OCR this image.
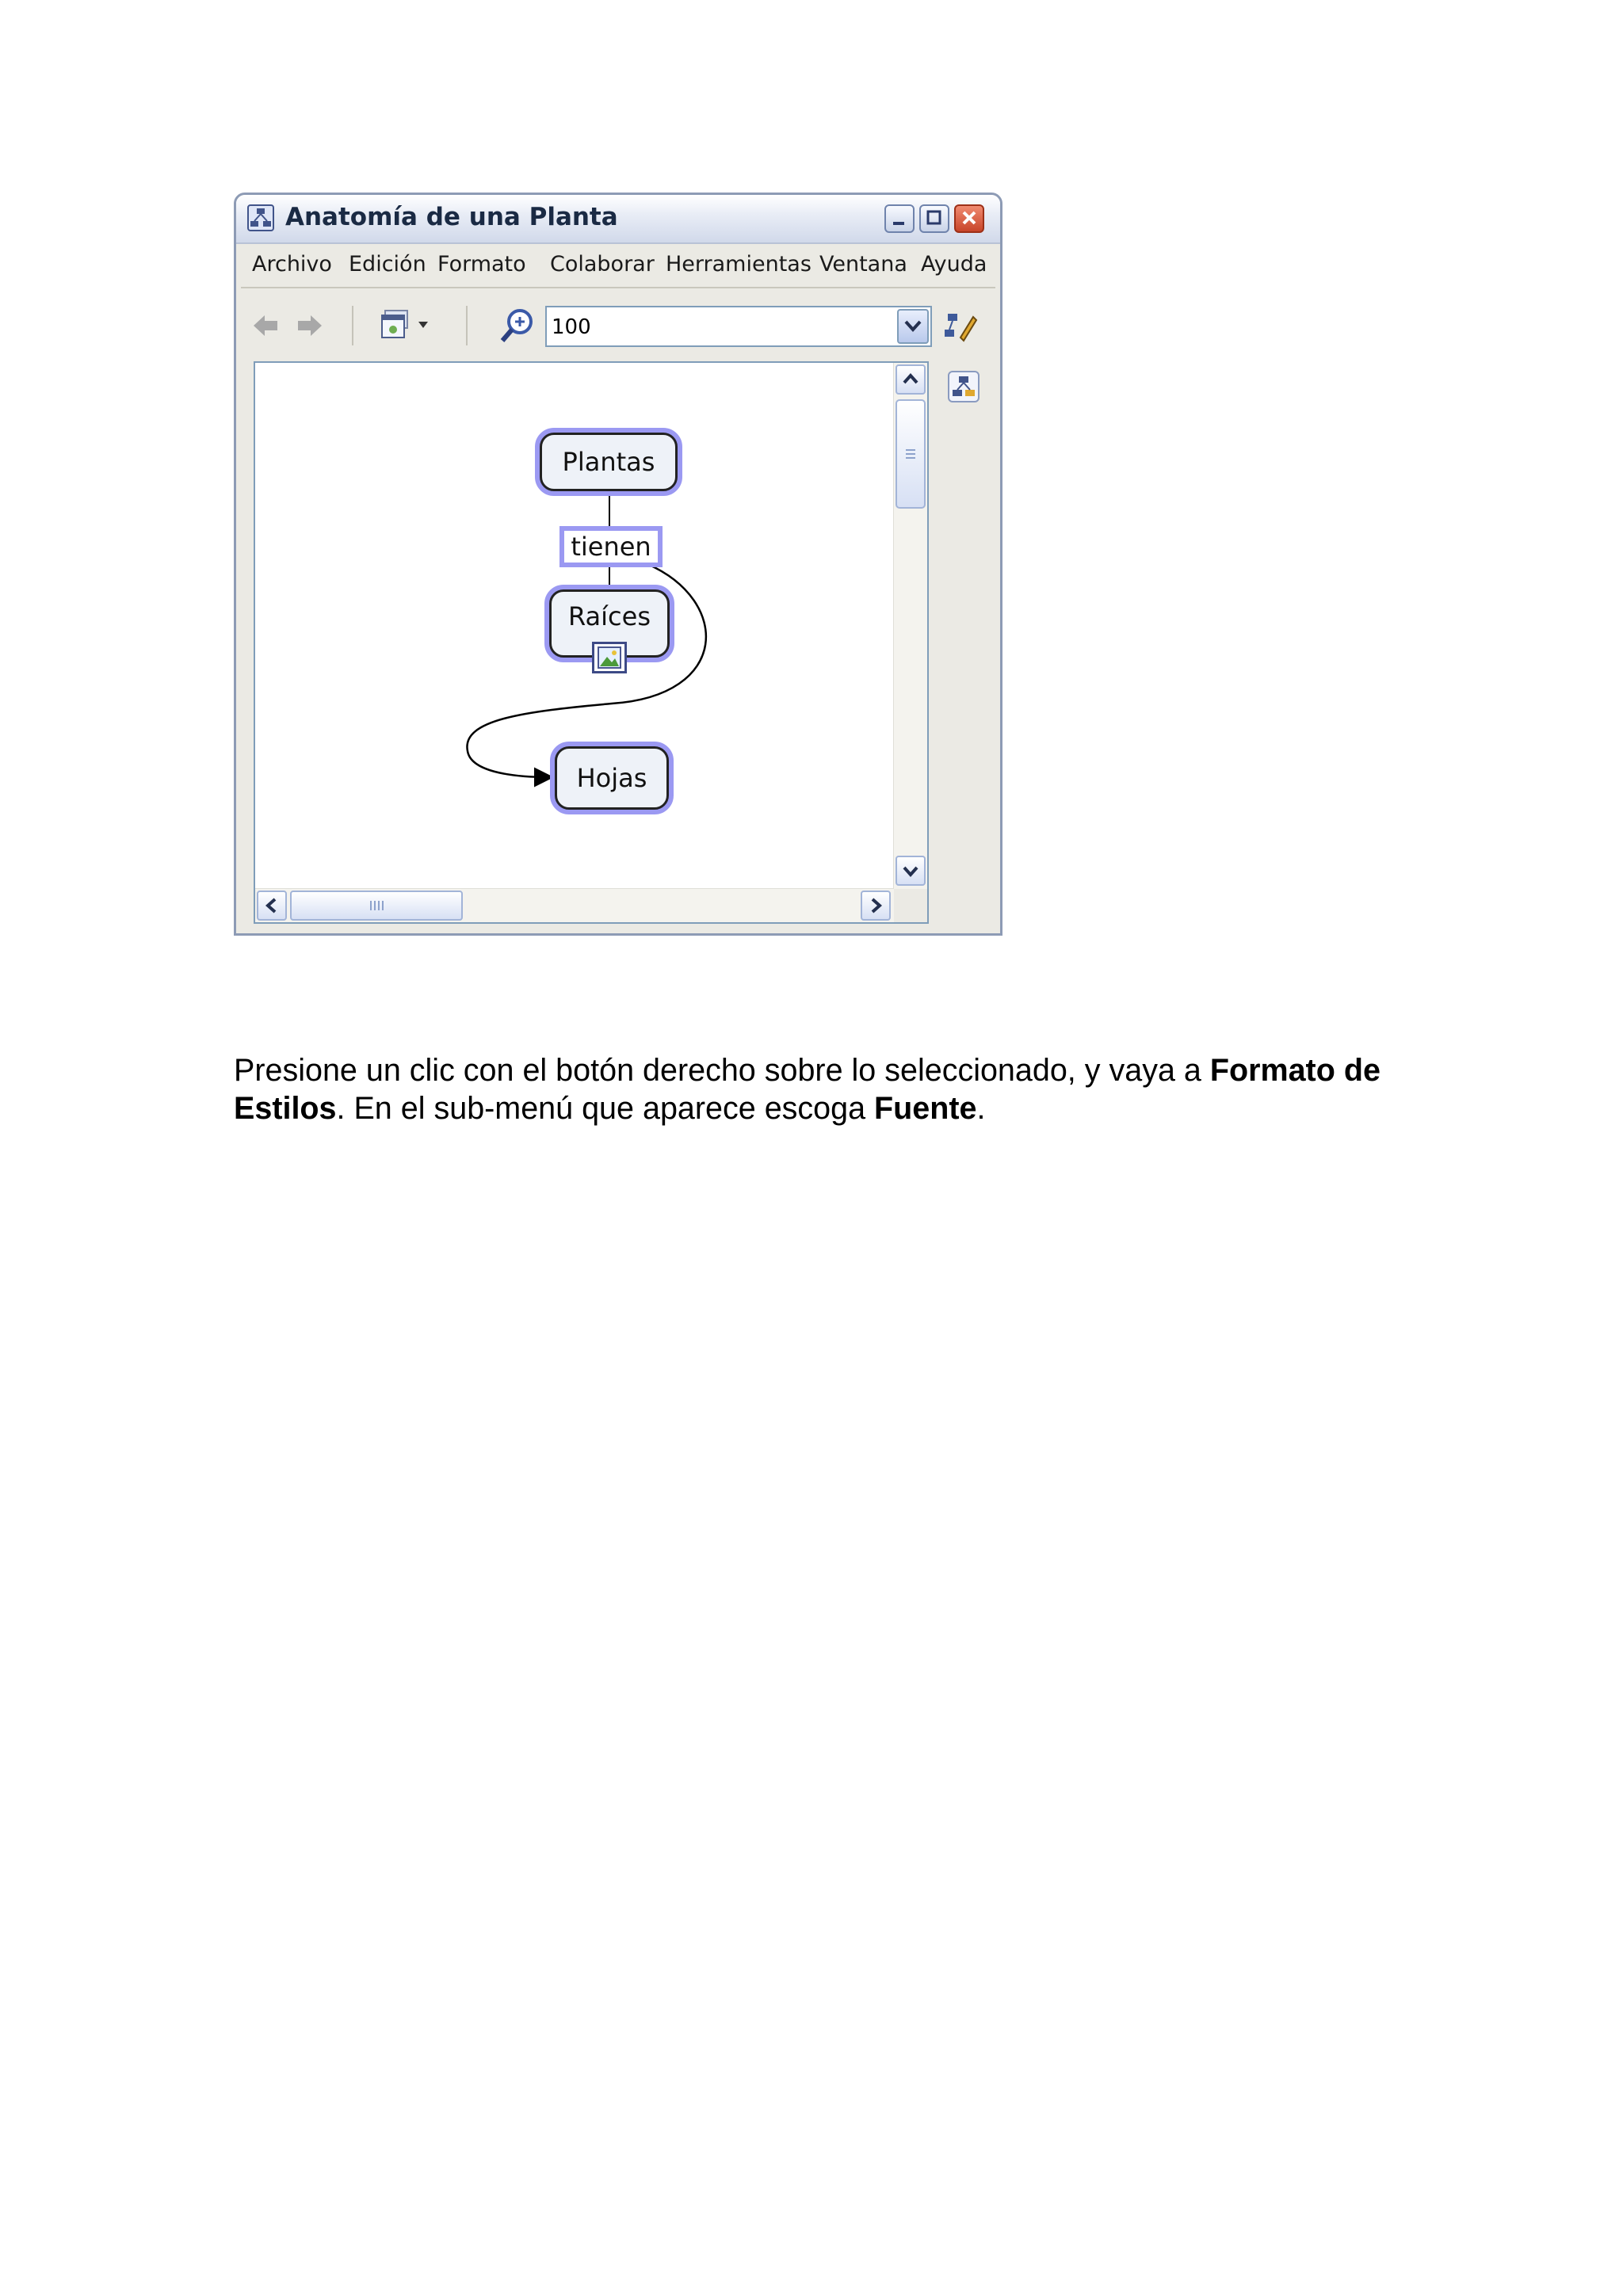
Anatomía de una Planta
Archivo Edición Formato Colaborar Herramientas Ventana Ayuda
100
Plantas
tienen
Raíces
Hojas

Presione un clic con el botón derecho sobre lo seleccionado, y vaya a Formato de Estilos. En el sub-menú que aparece escoga Fuente.
